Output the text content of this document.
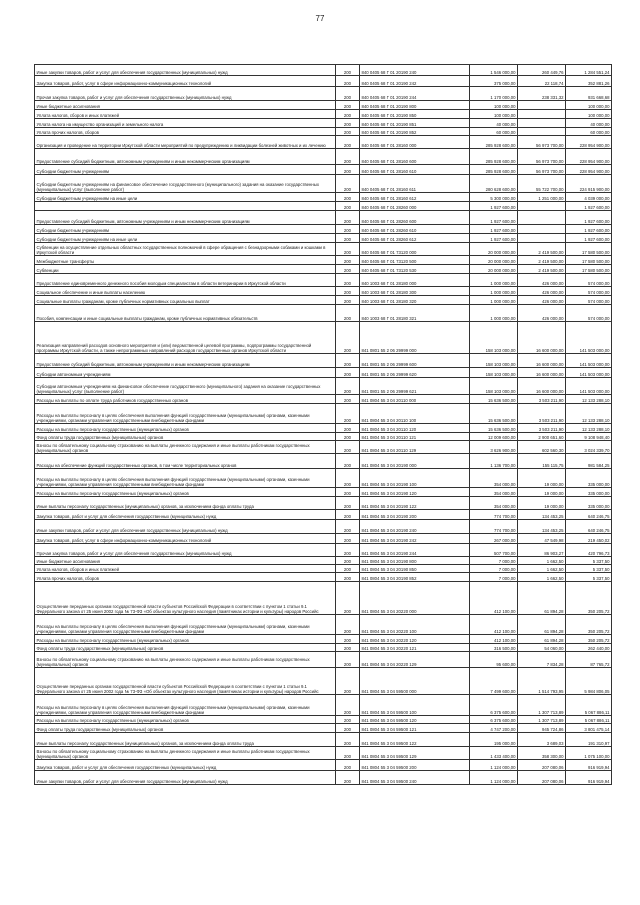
77
Иные закупки товаров, работ и услуг для обеспечения государственных (муниципальных) нужд	200	840 0405 68 Г 01 20190 240	1 546 000,00	260 449,76	1 284 551,24
Закупка товаров, работ, услуг в сфере информационно-коммуникационных технологий	200	840 0405 68 Г 01 20190 242	375 000,00	22 118,74	352 881,26
Прочая закупка товаров, работ и услуг для обеспечения государственных (муниципальных) нужд	200	840 0405 68 Г 01 20190 244	1 170 000,00	238 331,32	931 668,68
Иные бюджетные ассигнования	200	840 0405 68 Г 01 20190 800	100 000,00		100 000,00
Уплата налогов, сборов и иных платежей	200	840 0405 68 Г 01 20190 850	100 000,00		100 000,00
Уплата налога на имущество организаций и земельного налога	200	840 0405 68 Г 01 20190 851	40 000,00		40 000,00
Уплата прочих налогов, сборов	200	840 0405 68 Г 01 20190 852	60 000,00		60 000,00
Организация и проведение на территории Иркутской области мероприятий по предупреждению и ликвидации болезней животных и их лечению	200	840 0405 68 Г 01 28160 000	285 928 600,00	56 973 700,00	228 954 900,00
Предоставление субсидий бюджетным, автономным учреждениям и иным некоммерческим организациям	200	840 0405 68 Г 01 28160 600	285 928 600,00	56 973 700,00	228 954 900,00
Субсидии бюджетным учреждениям	200	840 0405 68 Г 01 28160 610	285 928 600,00	56 973 700,00	228 954 900,00
Субсидии бюджетным учреждениям на финансовое обеспечение государственного (муниципального) задания на оказание государственных (муниципальных) услуг (выполнение работ)	200	840 0405 68 Г 01 28160 611	280 628 600,00	55 722 700,00	224 915 900,00
Субсидии бюджетным учреждениям на иные цели	200	840 0405 68 Г 01 28160 612	5 300 000,00	1 251 000,00	4 039 000,00
	200	840 0405 68 Г 01 28260 000	1 927 600,00		1 927 600,00
Предоставление субсидий бюджетным, автономным учреждениям и иным некоммерческим организациям	200	840 0405 68 Г 01 28260 600	1 927 600,00		1 927 600,00
Субсидии бюджетным учреждениям	200	840 0405 68 Г 01 28260 610	1 927 600,00		1 927 600,00
Субсидии бюджетным учреждениям на иные цели	200	840 0405 68 Г 01 28260 612	1 927 600,00		1 927 600,00
Субвенции на осуществление отдельных областных государственных полномочий в сфере обращения с безнадзорными собаками и кошками в Иркутской области	200	840 0405 68 Г 01 73120 000	20 000 000,00	2 419 500,00	17 580 500,00
Межбюджетные трансферты	200	840 0405 68 Г 01 73120 500	20 000 000,00	2 419 500,00	17 580 500,00
Субвенции	200	840 0405 68 Г 01 73120 530	20 000 000,00	2 419 500,00	17 580 500,00
Предоставление единовременного денежного пособия молодым специалистам в области ветеринарии в Иркутской области	200	840 1003 68 Г 01 28180 000	1 000 000,00	426 000,00	574 000,00
Социальное обеспечение и иные выплаты населению	200	840 1003 68 Г 01 28180 300	1 000 000,00	426 000,00	574 000,00
Социальные выплаты гражданам, кроме публичных нормативных социальных выплат	200	840 1003 68 Г 01 28180 320	1 000 000,00	426 000,00	574 000,00
Пособия, компенсации и иные социальные выплаты гражданам, кроме публичных нормативных обязательств	200	840 1003 68 Г 01 28180 321	1 000 000,00	426 000,00	574 000,00
Реализация направлений расходов основного мероприятия и (или) ведомственной целевой программы, подпрограммы государственной программы Иркутской области, а также непрограммных направлений расходов государственных органов Иркутской области	200	841 0801 55 2 06 29999 000	158 103 000,00	16 600 000,00	141 503 000,00
Предоставление субсидий бюджетным, автономным учреждениям и иным некоммерческим организациям	200	841 0801 55 2 06 29999 600	158 103 000,00	16 600 000,00	141 503 000,00
Субсидии автономным учреждениям	200	841 0801 55 2 06 29999 620	158 103 000,00	16 600 000,00	141 503 000,00
Субсидии автономным учреждениям на финансовое обеспечение государственного (муниципального) задания на оказание государственных (муниципальных) услуг (выполнение работ)	200	841 0801 55 2 06 29999 621	158 103 000,00	16 600 000,00	141 503 000,00
Расходы на выплаты по оплате труда работников государственных органов	200	841 0804 55 3 04 20110 000	15 636 500,00	3 503 211,90	12 133 288,10
Расходы на выплаты персоналу в целях обеспечения выполнения функций государственными (муниципальными) органами, казенными учреждениями, органами управления государственными внебюджетными фондами	200	841 0804 55 3 04 20110 100	15 636 500,00	3 503 211,90	12 133 288,10
Расходы на выплаты персоналу государственных (муниципальных) органов	200	841 0804 55 3 04 20110 120	15 636 500,00	3 503 211,90	12 133 288,10
Фонд оплаты труда государственных (муниципальных) органов	200	841 0804 55 3 04 20110 121	12 009 600,00	2 900 651,60	9 108 948,40
Взносы по обязательному социальному страхованию на выплаты денежного содержания и иные выплаты работникам государственных (муниципальных) органов	200	841 0804 55 3 04 20110 129	3 626 900,00	602 560,30	3 024 339,70
Расходы на обеспечение функций государственных органов, в том числе территориальных органов	200	841 0804 55 3 04 20190 000	1 136 700,00	155 115,75	981 584,25
Расходы на выплаты персоналу в целях обеспечения выполнения функций государственными (муниципальными) органами, казенными учреждениями, органами управления государственными внебюджетными фондами	200	841 0804 55 3 04 20190 100	354 000,00	19 000,00	335 000,00
Расходы на выплаты персоналу государственных (муниципальных) органов	200	841 0804 55 3 04 20190 120	354 000,00	19 000,00	335 000,00
Иные выплаты персоналу государственных (муниципальных) органов, за исключением фонда оплаты труда	200	841 0804 55 3 04 20190 122	354 000,00	19 000,00	335 000,00
Закупка товаров, работ и услуг для обеспечения государственных (муниципальных) нужд	200	841 0804 55 3 04 20190 200	774 700,00	134 453,25	640 246,75
Иные закупки товаров, работ и услуг для обеспечения государственных (муниципальных) нужд	200	841 0804 55 3 04 20190 240	774 700,00	134 453,25	640 246,75
Закупка товаров, работ, услуг в сфере информационно-коммуникационных технологий	200	841 0804 55 3 04 20190 242	267 000,00	47 549,98	219 450,02
Прочая закупка товаров, работ и услуг для обеспечения государственных (муниципальных) нужд	200	841 0804 55 3 04 20190 244	507 700,00	86 903,27	420 796,73
Иные бюджетные ассигнования	200	841 0804 55 3 04 20190 800	7 000,00	1 662,50	5 337,50
Уплата налогов, сборов и иных платежей	200	841 0804 55 3 04 20190 850	7 000,00	1 662,50	5 337,50
Уплата прочих налогов, сборов	200	841 0804 55 3 04 20190 852	7 000,00	1 662,50	5 337,50
Осуществление переданных органам государственной власти субъектов Российской Федерации в соответствии с пунктом 1 статьи 9.1 Федерального закона от 25 июня 2002 года № 73-ФЗ «Об объектах культурного наследия (памятниках истории и культуры) народов Российс	200	841 0804 55 3 04 20220 000	412 100,00	61 894,28	350 205,72
Расходы на выплаты персоналу в целях обеспечения выполнения функций государственными (муниципальными) органами, казенными учреждениями, органами управления государственными внебюджетными фондами	200	841 0804 55 3 04 20220 100	412 100,00	61 894,28	350 205,72
Расходы на выплаты персоналу государственных (муниципальных) органов	200	841 0804 55 3 04 20220 120	412 100,00	61 894,28	350 205,72
Фонд оплаты труда государственных (муниципальных) органов	200	841 0804 55 3 04 20220 121	316 500,00	54 060,00	262 440,00
Взносы по обязательному социальному страхованию на выплаты денежного содержания и иные выплаты работникам государственных (муниципальных) органов	200	841 0804 55 3 04 20220 129	95 600,00	7 834,28	87 765,72
Осуществление переданных органам государственной власти субъектов Российской Федерации в соответствии с пунктом 1 статьи 9.1 Федерального закона от 25 июня 2002 года № 73-ФЗ «Об объектах культурного наследия (памятниках истории и культуры) народов Российс	200	841 0804 55 3 04 59500 000	7 499 600,00	1 514 793,95	5 984 806,05
Расходы на выплаты персоналу в целях обеспечения выполнения функций государственными (муниципальными) органами, казенными учреждениями, органами управления государственными внебюджетными фондами	200	841 0804 55 3 04 59500 100	6 375 600,00	1 307 713,89	5 067 886,11
Расходы на выплаты персоналу государственных (муниципальных) органов	200	841 0804 55 3 04 59500 120	6 375 600,00	1 307 713,89	5 067 886,11
Фонд оплаты труда государственных (муниципальных) органов	200	841 0804 55 3 04 59500 121	4 747 200,00	945 724,86	3 801 475,14
Иные выплаты персоналу государственных (муниципальных) органов, за исключением фонда оплаты труда	200	841 0804 55 3 04 59500 122	195 000,00	3 689,03	191 310,97
Взносы по обязательному социальному страхованию на выплаты денежного содержания и иные выплаты работникам государственных (муниципальных) органов	200	841 0804 55 3 04 59500 129	1 433 400,00	358 300,00	1 075 100,00
Закупка товаров, работ и услуг для обеспечения государственных (муниципальных) нужд	200	841 0804 55 3 04 59500 200	1 124 000,00	207 080,06	916 919,94
Иные закупки товаров, работ и услуг для обеспечения государственных (муниципальных) нужд	200	841 0804 55 3 04 59500 240	1 124 000,00	207 080,06	916 919,94
